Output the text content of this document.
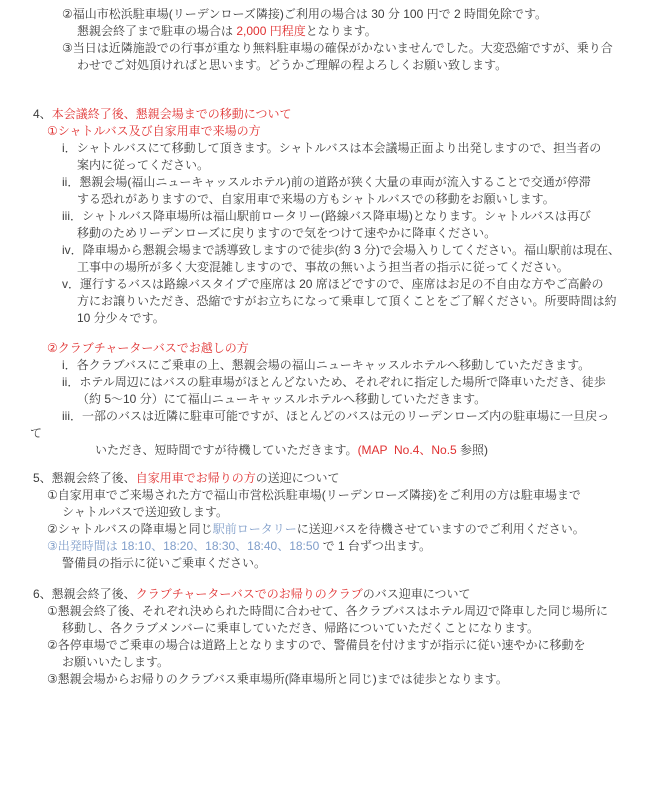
②福山市松浜駐車場(リーデンローズ隣接)ご利用の場合は 30 分 100 円で 2 時間免除です。
懇親会終了まで駐車の場合は 2,000 円程度となります。
③当日は近隣施設での行事が重なり無料駐車場の確保がかないませんでした。大変恐縮ですが、乗り合
わせでご対処頂ければと思います。どうかご理解の程よろしくお願い致します。
4、本会議終了後、懇親会場までの移動について
①シャトルバス及び自家用車で来場の方
i．シャトルバスにて移動して頂きます。シャトルバスは本会議場正面より出発しますので、担当者の
案内に従ってください。
ii．懇親会場(福山ニューキャッスルホテル)前の道路が狭く大量の車両が流入することで交通が停滞
する恐れがありますので、自家用車で来場の方もシャトルバスでの移動をお願いします。
iii．シャトルバス降車場所は福山駅前ロータリー(路線バス降車場)となります。シャトルバスは再び
移動のためリーデンローズに戻りますので気をつけて速やかに降車ください。
iv．降車場から懇親会場まで誘導致しますので徒歩(約 3 分)で会場入りしてください。福山駅前は現在、
工事中の場所が多く大変混雑しますので、事故の無いよう担当者の指示に従ってください。
v．運行するバスは路線バスタイプで座席は 20 席ほどですので、座席はお足の不自由な方やご高齢の
方にお譲りいただき、恐縮ですがお立ちになって乗車して頂くことをご了解ください。所要時間は約
10 分少々です。
②クラブチャーターバスでお越しの方
i．各クラブバスにご乗車の上、懇親会場の福山ニューキャッスルホテルへ移動していただきます。
ii．ホテル周辺にはバスの駐車場がほとんどないため、それぞれに指定した場所で降車いただき、徒歩
（約 5～10 分）にて福山ニューキャッスルホテルへ移動していただきます。
iii．一部のバスは近隣に駐車可能ですが、ほとんどのバスは元のリーデンローズ内の駐車場に一旦戻っ
て
いただき、短時間ですが待機していただきます。(MAP  No.4、No.5 参照)
5、懇親会終了後、自家用車でお帰りの方の送迎について
①自家用車でご来場された方で福山市営松浜駐車場(リーデンローズ隣接)をご利用の方は駐車場まで
シャトルバスで送迎致します。
②シャトルバスの降車場と同じ駅前ロータリーに送迎バスを待機させていますのでご利用ください。
③出発時間は 18:10、18:20、18:30、18:40、18:50 で 1 台ずつ出ます。
警備員の指示に従いご乗車ください。
6、懇親会終了後、クラブチャーターバスでのお帰りのクラブのバス迎車について
①懇親会終了後、それぞれ決められた時間に合わせて、各クラブバスはホテル周辺で降車した同じ場所に
移動し、各クラブメンバーに乗車していただき、帰路についていただくことになります。
②各停車場でご乗車の場合は道路上となりますので、警備員を付けますが指示に従い速やかに移動を
お願いいたします。
③懇親会場からお帰りのクラブバス乗車場所(降車場所と同じ)までは徒歩となります。
